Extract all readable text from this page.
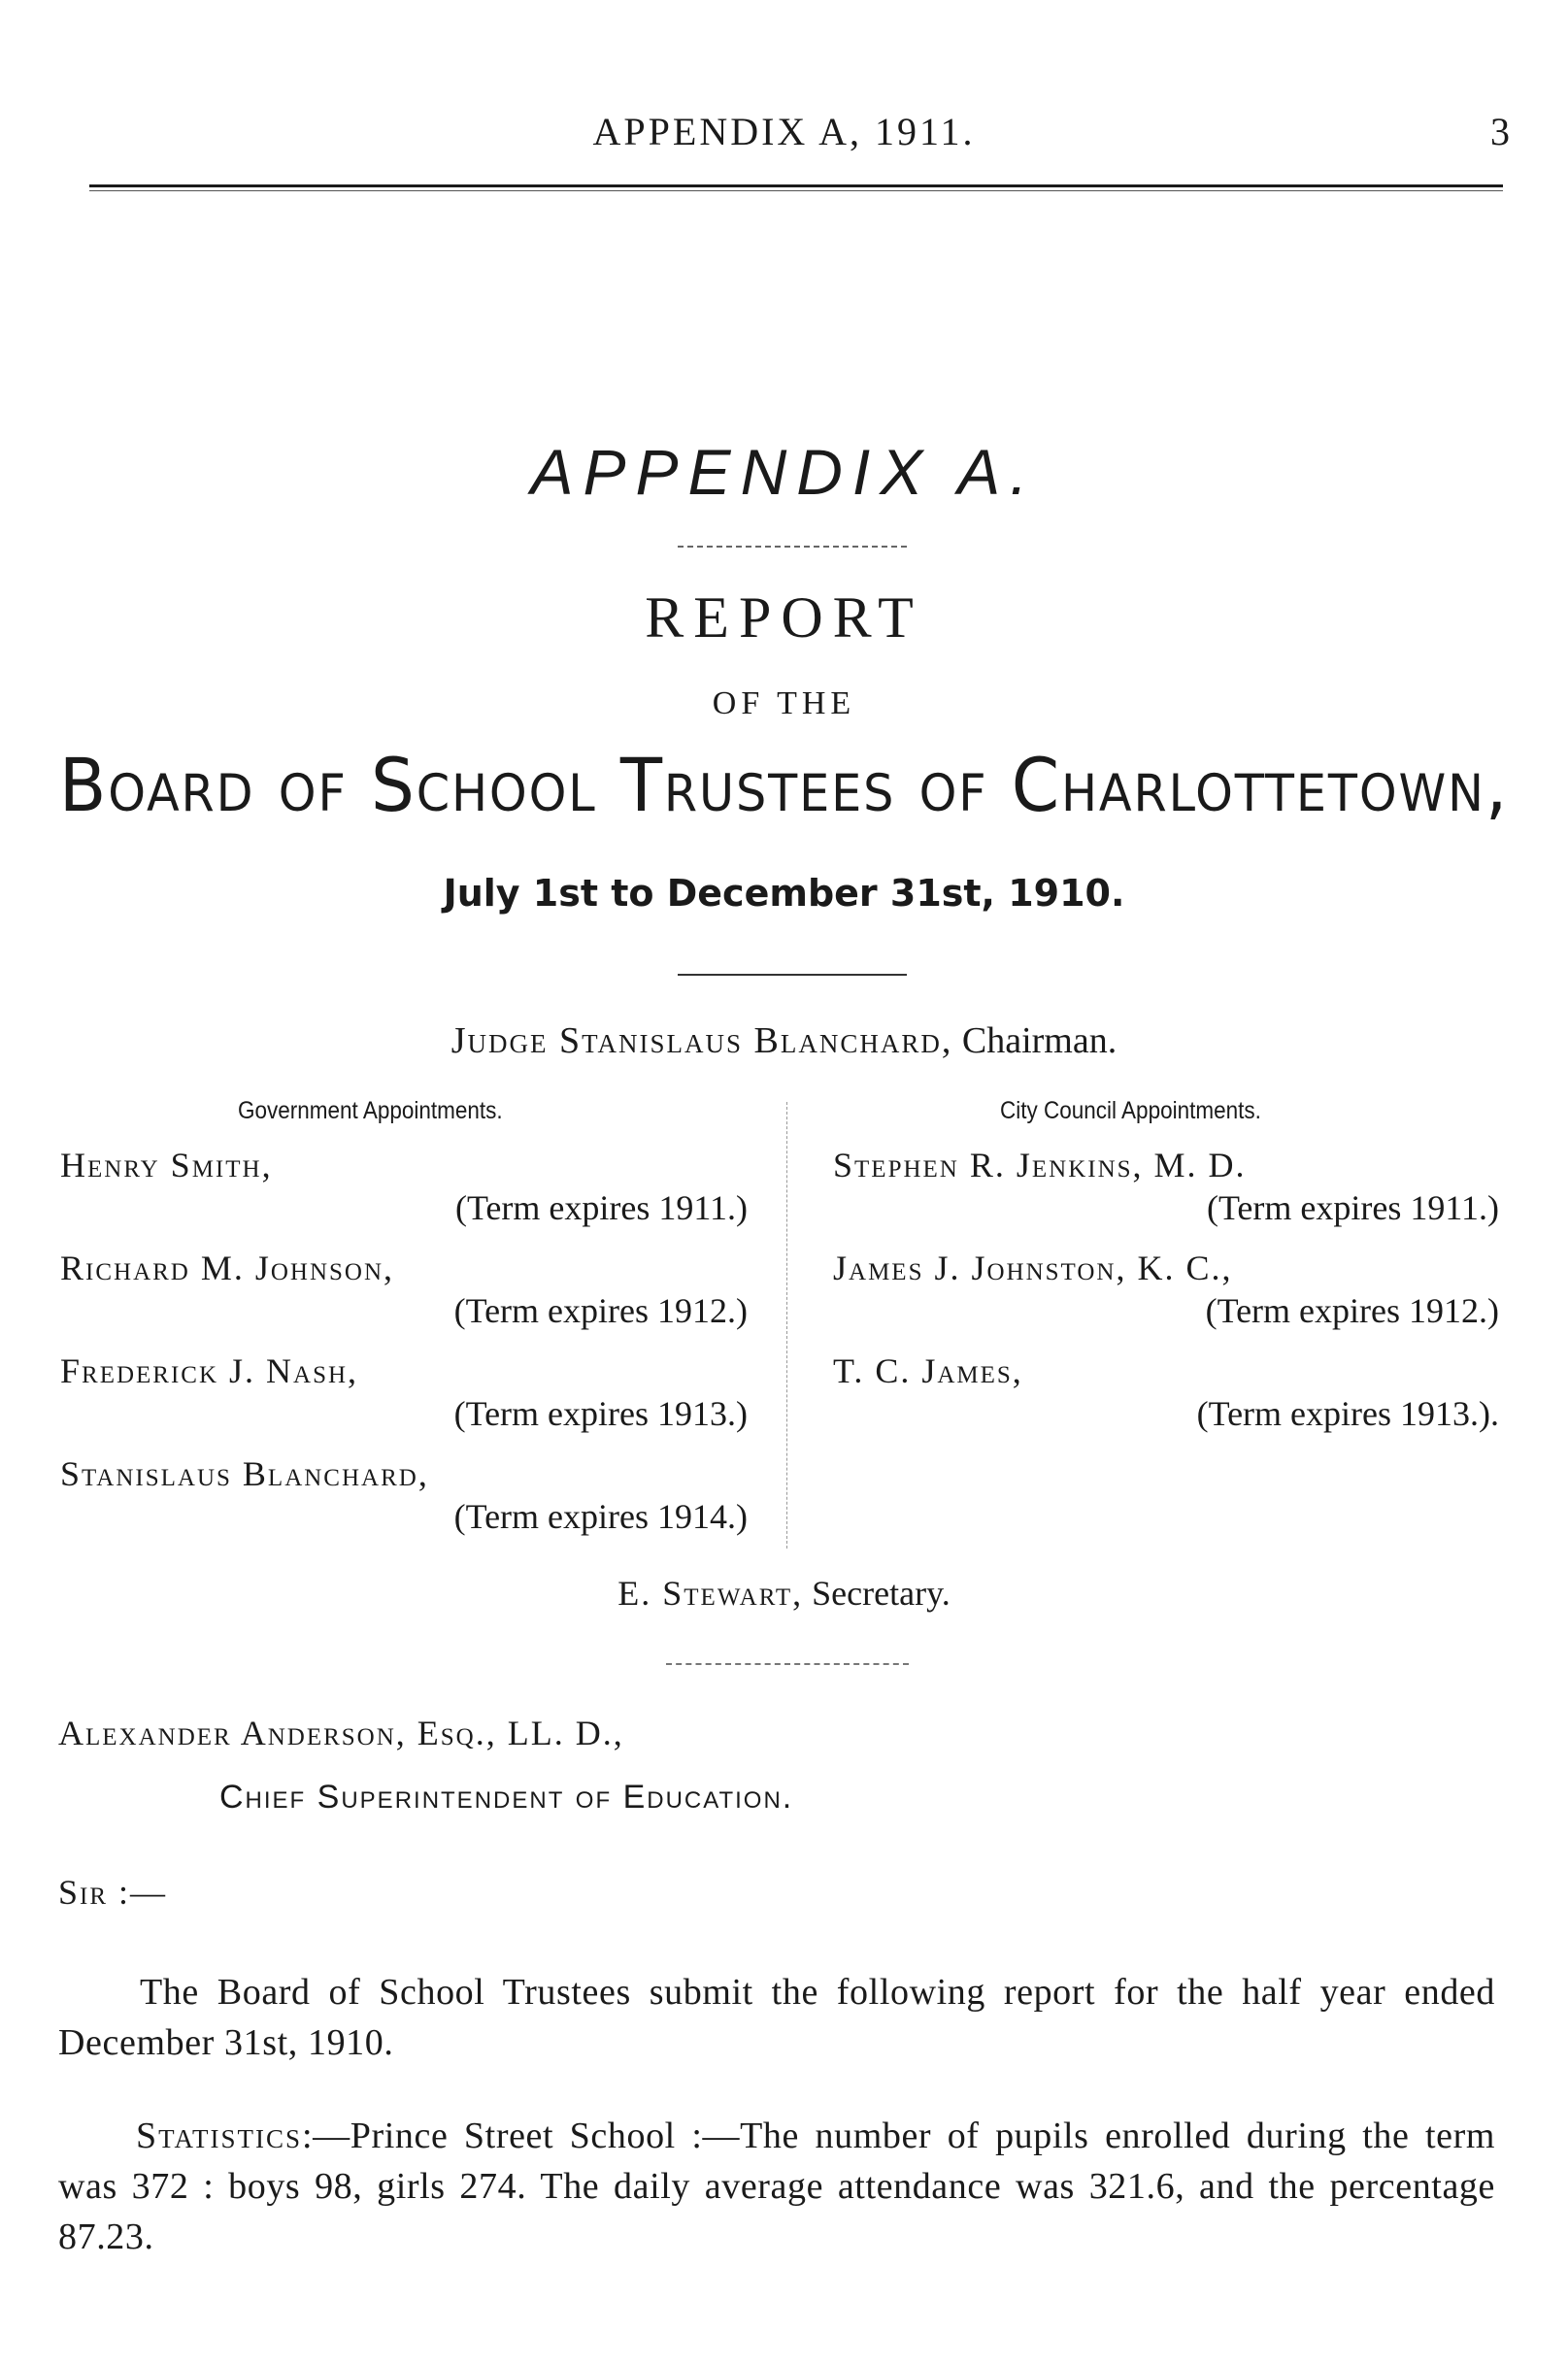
APPENDIX A, 1911.	3
APPENDIX A.
REPORT
OF THE
Board of School Trustees of Charlottetown,
July 1st to December 31st, 1910.
Judge Stanislaus Blanchard, Chairman.
Government Appointments.	City Council Appointments.
Henry Smith,
(Term expires 1911.)
Richard M. Johnson,
(Term expires 1912.)
Frederick J. Nash,
(Term expires 1913.)
Stanislaus Blanchard,
(Term expires 1914.)
Stephen R. Jenkins, M. D.
(Term expires 1911.)
James J. Johnston, K. C.,
(Term expires 1912.)
T. C. James,
(Term expires 1913.).
E. Stewart, Secretary.
Alexander Anderson, Esq., LL. D.,
Chief Superintendent of Education.
Sir :—
The Board of School Trustees submit the following report for the half year ended December 31st, 1910.
Statistics:—Prince Street School :—The number of pupils enrolled during the term was 372 : boys 98, girls 274. The daily average attendance was 321.6, and the percentage 87.23.
